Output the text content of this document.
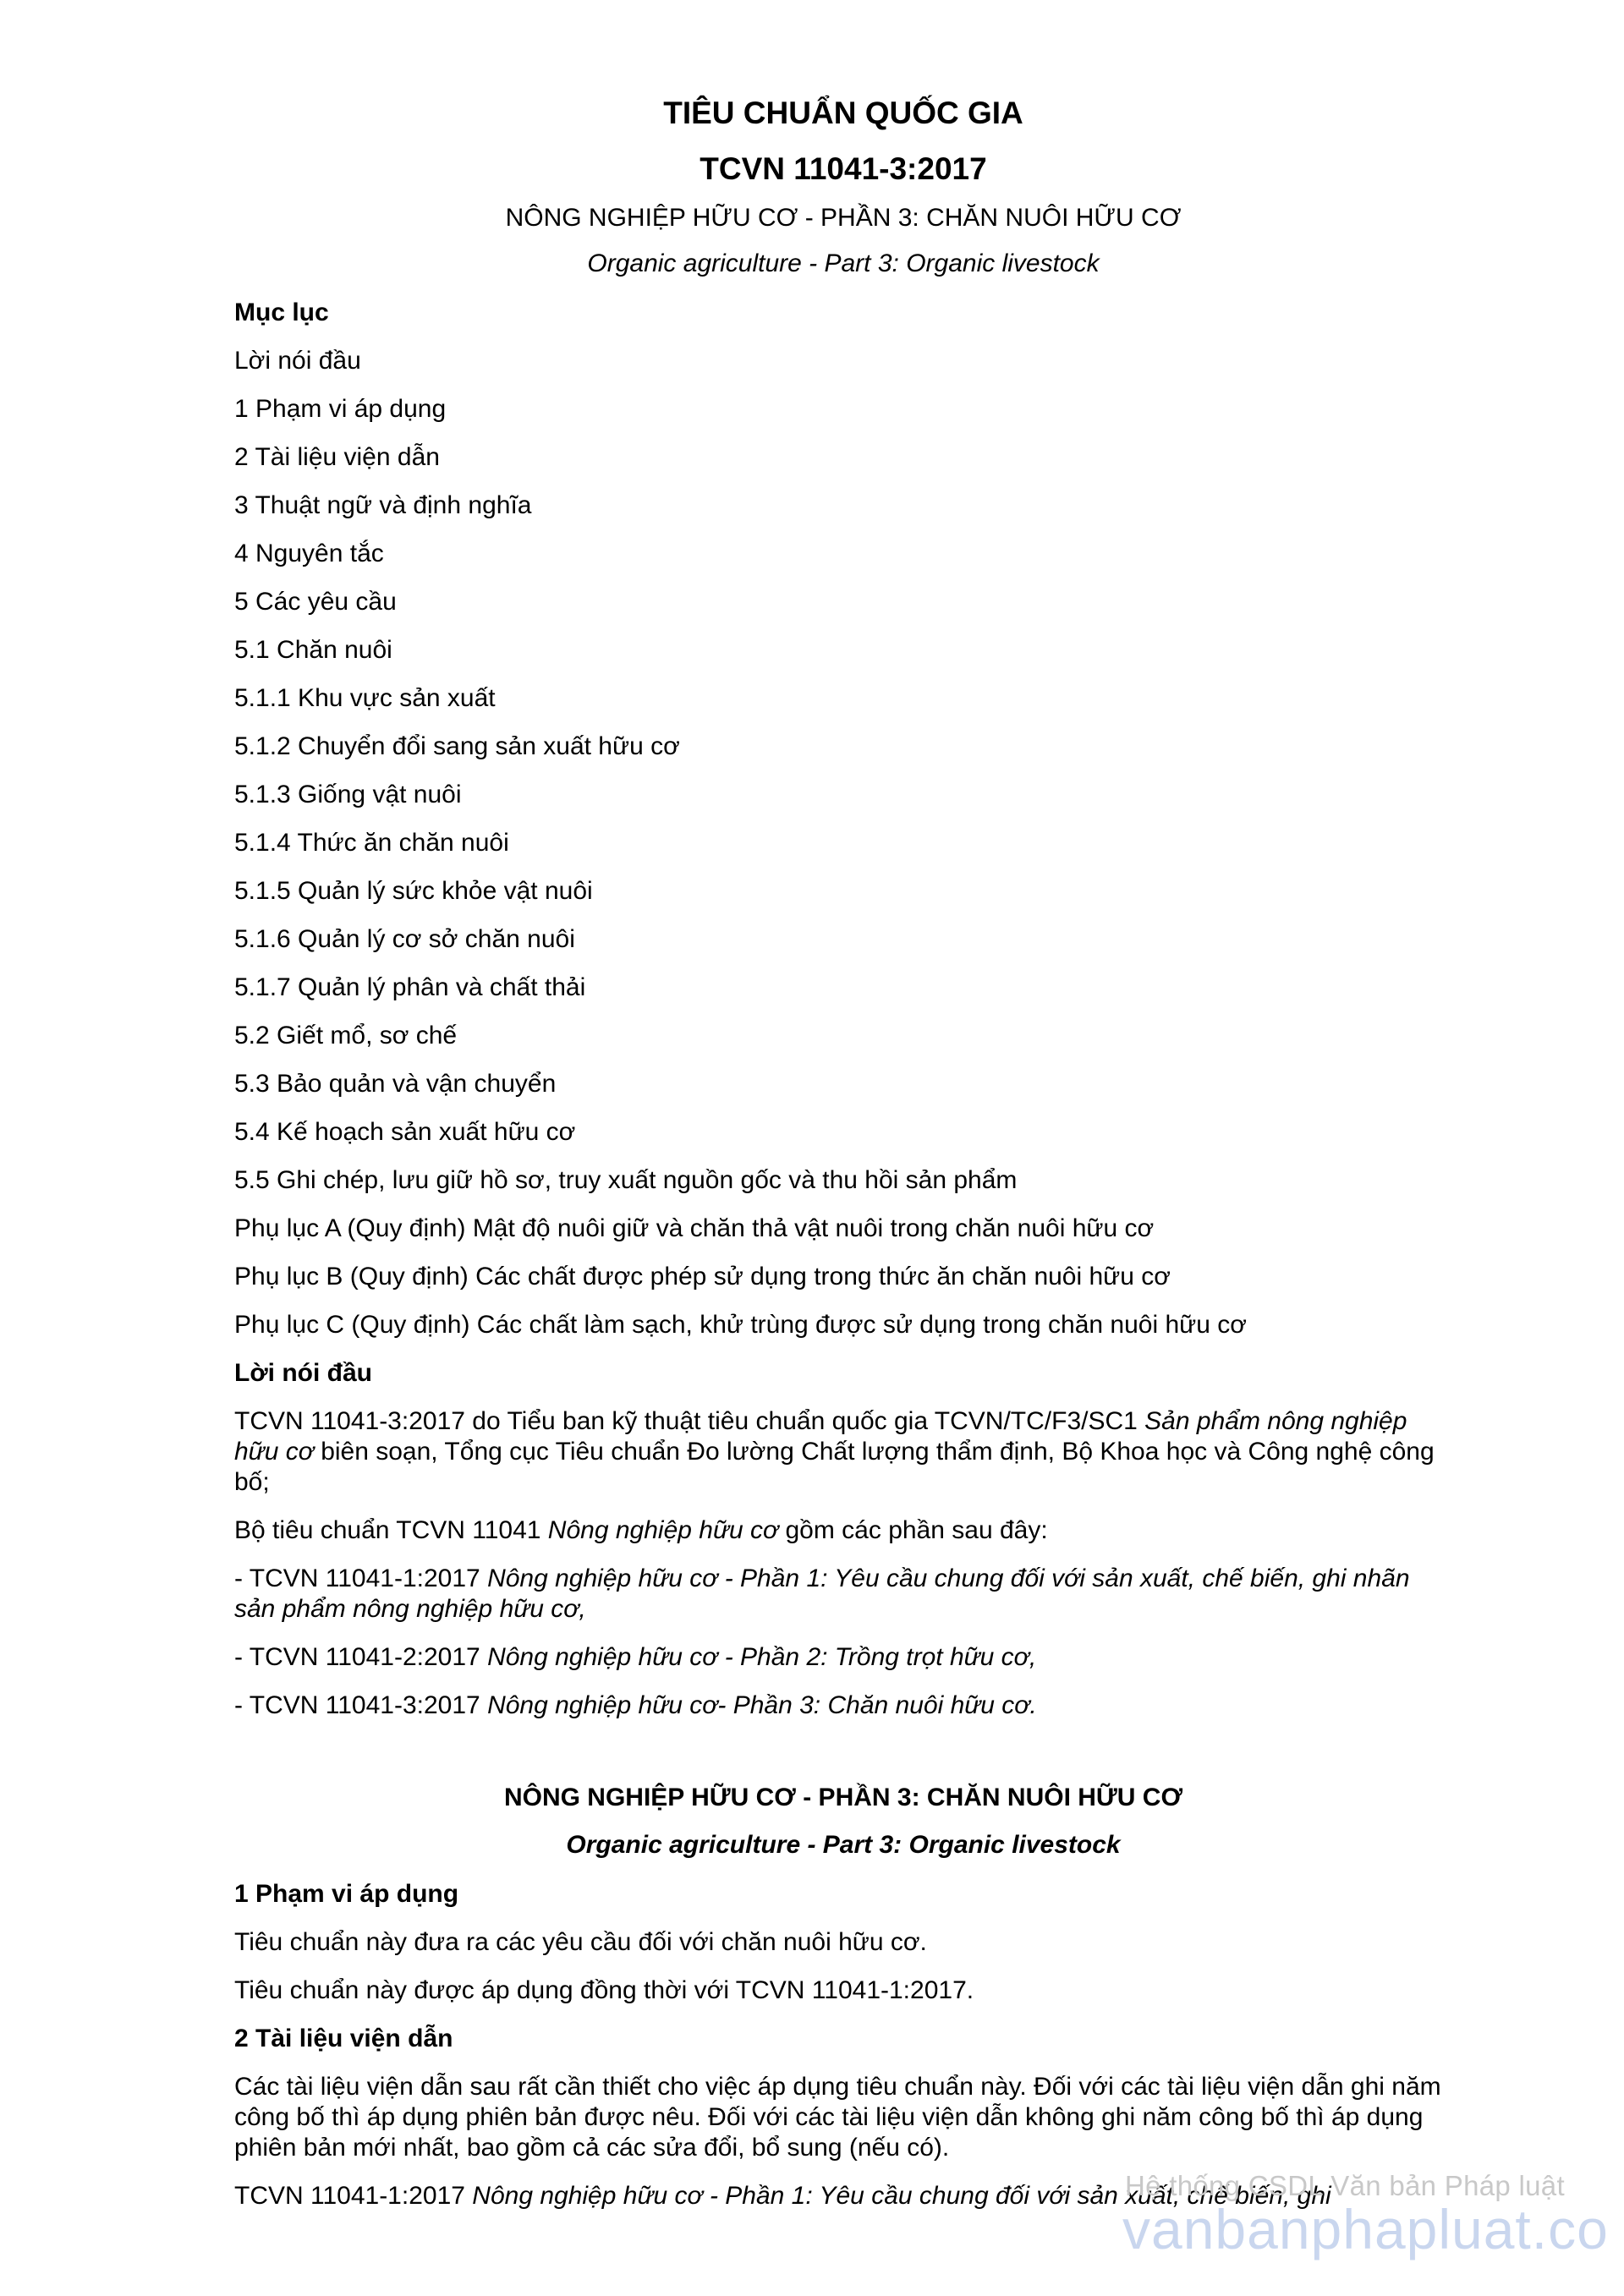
TIÊU CHUẨN QUỐC GIA
TCVN 11041-3:2017
NÔNG NGHIỆP HỮU CƠ - PHẦN 3: CHĂN NUÔI HỮU CƠ
Organic agriculture - Part 3: Organic livestock
Mục lục
Lời nói đầu
1 Phạm vi áp dụng
2 Tài liệu viện dẫn
3 Thuật ngữ và định nghĩa
4 Nguyên tắc
5 Các yêu cầu
5.1 Chăn nuôi
5.1.1 Khu vực sản xuất
5.1.2 Chuyển đổi sang sản xuất hữu cơ
5.1.3 Giống vật nuôi
5.1.4 Thức ăn chăn nuôi
5.1.5 Quản lý sức khỏe vật nuôi
5.1.6 Quản lý cơ sở chăn nuôi
5.1.7 Quản lý phân và chất thải
5.2 Giết mổ, sơ chế
5.3 Bảo quản và vận chuyển
5.4 Kế hoạch sản xuất hữu cơ
5.5 Ghi chép, lưu giữ hồ sơ, truy xuất nguồn gốc và thu hồi sản phẩm
Phụ lục A (Quy định) Mật độ nuôi giữ và chăn thả vật nuôi trong chăn nuôi hữu cơ
Phụ lục B (Quy định) Các chất được phép sử dụng trong thức ăn chăn nuôi hữu cơ
Phụ lục C (Quy định) Các chất làm sạch, khử trùng được sử dụng trong chăn nuôi hữu cơ
Lời nói đầu
TCVN 11041-3:2017 do Tiểu ban kỹ thuật tiêu chuẩn quốc gia TCVN/TC/F3/SC1 Sản phẩm nông nghiệp hữu cơ biên soạn, Tổng cục Tiêu chuẩn Đo lường Chất lượng thẩm định, Bộ Khoa học và Công nghệ công bố;
Bộ tiêu chuẩn TCVN 11041 Nông nghiệp hữu cơ gồm các phần sau đây:
- TCVN 11041-1:2017 Nông nghiệp hữu cơ - Phần 1: Yêu cầu chung đối với sản xuất, chế biến, ghi nhãn sản phẩm nông nghiệp hữu cơ,
- TCVN 11041-2:2017 Nông nghiệp hữu cơ - Phần 2: Trồng trọt hữu cơ,
- TCVN 11041-3:2017 Nông nghiệp hữu cơ- Phần 3: Chăn nuôi hữu cơ.
NÔNG NGHIỆP HỮU CƠ - PHẦN 3: CHĂN NUÔI HỮU CƠ
Organic agriculture - Part 3: Organic livestock
1 Phạm vi áp dụng
Tiêu chuẩn này đưa ra các yêu cầu đối với chăn nuôi hữu cơ.
Tiêu chuẩn này được áp dụng đồng thời với TCVN 11041-1:2017.
2 Tài liệu viện dẫn
Các tài liệu viện dẫn sau rất cần thiết cho việc áp dụng tiêu chuẩn này. Đối với các tài liệu viện dẫn ghi năm công bố thì áp dụng phiên bản được nêu. Đối với các tài liệu viện dẫn không ghi năm công bố thì áp dụng phiên bản mới nhất, bao gồm cả các sửa đổi, bổ sung (nếu có).
TCVN 11041-1:2017 Nông nghiệp hữu cơ - Phần 1: Yêu cầu chung đối với sản xuất, chế biến, ghi
Hệ thống CSDL Văn bản Pháp luật
vanbanphapluat.co
